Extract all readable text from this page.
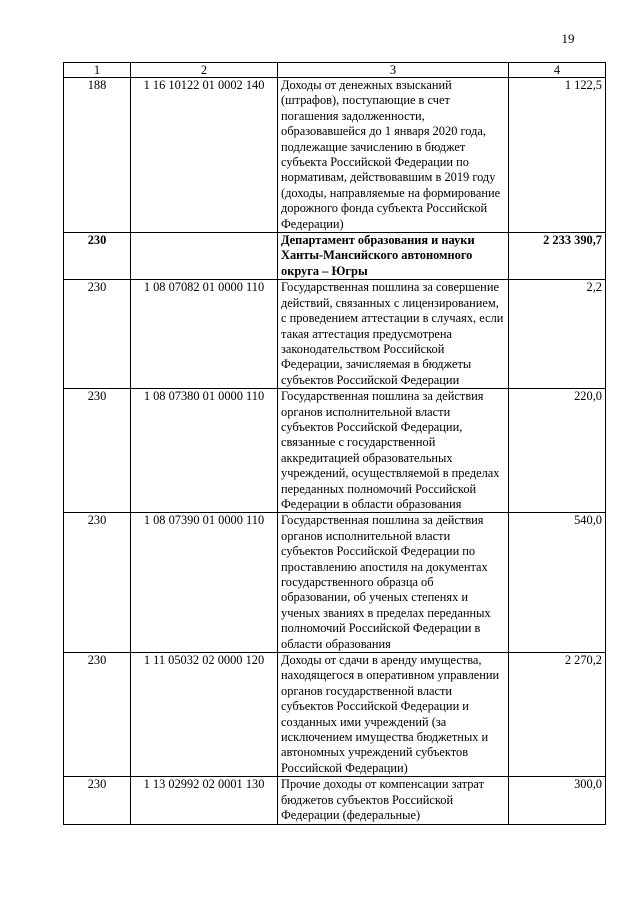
19
1	2	3	4
188	1 16 10122 01 0002 140	Доходы от денежных взысканий (штрафов), поступающие в счет погашения задолженности, образовавшейся до 1 января 2020 года, подлежащие зачислению в бюджет субъекта Российской Федерации по нормативам, действовавшим в 2019 году (доходы, направляемые на формирование дорожного фонда субъекта Российской Федерации)	1 122,5
230		Департамент образования и науки Ханты-Мансийского автономного округа – Югры	2 233 390,7
230	1 08 07082 01 0000 110	Государственная пошлина за совершение действий, связанных с лицензированием, с проведением аттестации в случаях, если такая аттестация предусмотрена законодательством Российской Федерации, зачисляемая в бюджеты субъектов Российской Федерации	2,2
230	1 08 07380 01 0000 110	Государственная пошлина за действия органов исполнительной власти субъектов Российской Федерации, связанные с государственной аккредитацией образовательных учреждений, осуществляемой в пределах переданных полномочий Российской Федерации в области образования	220,0
230	1 08 07390 01 0000 110	Государственная пошлина за действия органов исполнительной власти субъектов Российской Федерации по проставлению апостиля на документах государственного образца об образовании, об ученых степенях и ученых званиях в пределах переданных полномочий Российской Федерации в области образования	540,0
230	1 11 05032 02 0000 120	Доходы от сдачи в аренду имущества, находящегося в оперативном управлении органов государственной власти субъектов Российской Федерации и созданных ими учреждений (за исключением имущества бюджетных и автономных учреждений субъектов Российской Федерации)	2 270,2
230	1 13 02992 02 0001 130	Прочие доходы от компенсации затрат бюджетов субъектов Российской Федерации (федеральные)	300,0
